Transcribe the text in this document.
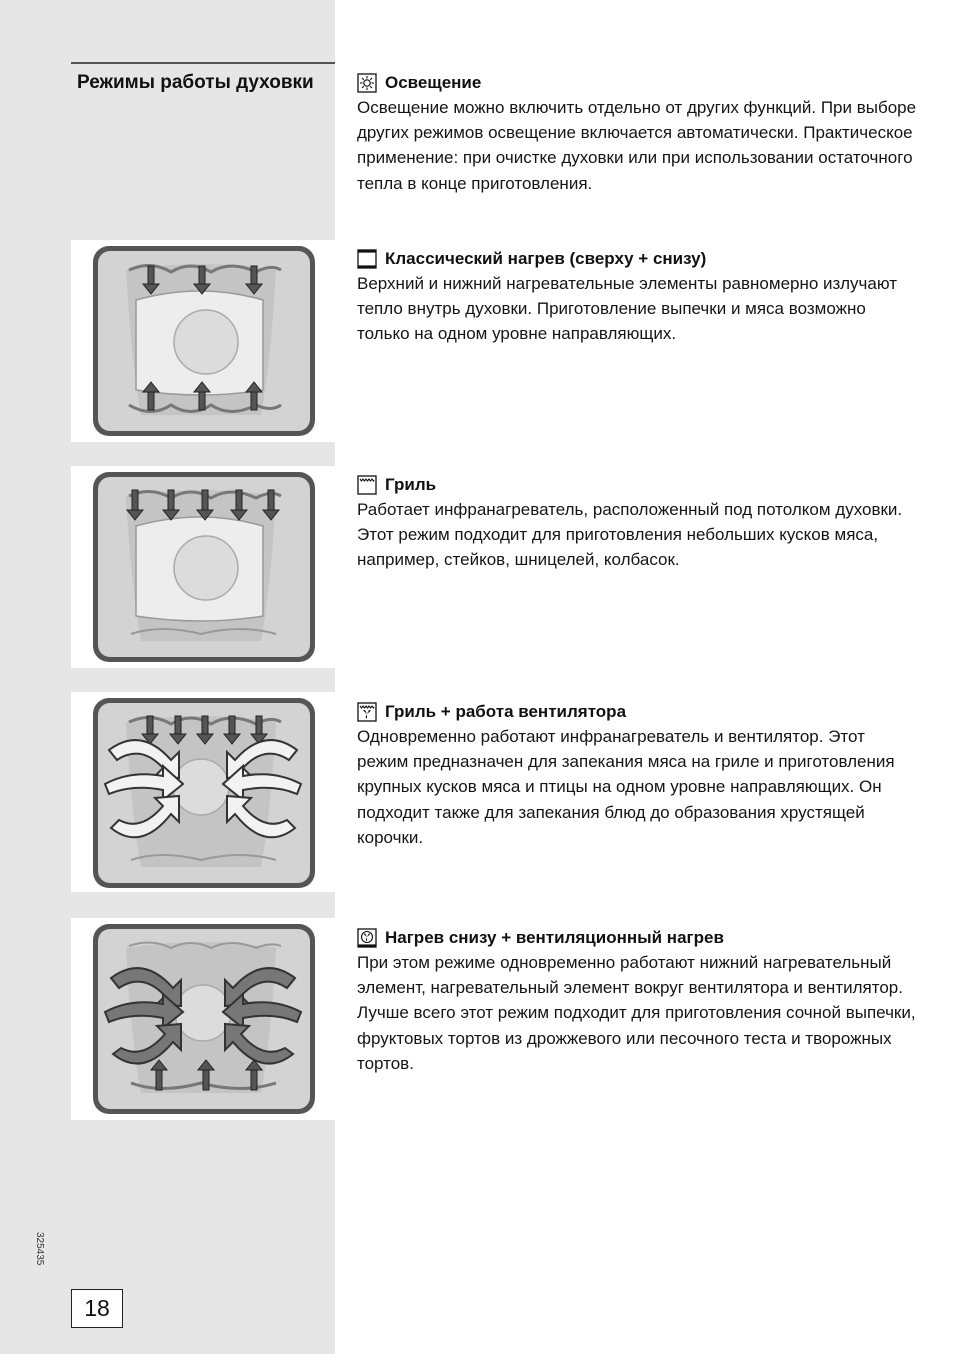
Режимы работы духовки	Освещение
Освещение можно включить отдельно от других функций. При выборе других режимов освещение включается автоматически. Практическое применение: при очистке духовки или при использовании остаточного тепла в конце приготовления.
Классический нагрев (сверху + снизу)
Верхний и нижний нагревательные элементы равномерно излучают тепло внутрь духовки. Приготовление выпечки и мяса возможно только на одном уровне направляющих.
Гриль
Работает инфранагреватель, расположенный под потолком духовки. Этот режим подходит для приготовления небольших кусков мяса, например, стейков, шницелей, колбасок.
Гриль + работа вентилятора
Одновременно работают инфранагреватель и вентилятор. Этот режим предназначен для запекания мяса на гриле и приготовления крупных кусков мяса и птицы на одном уровне направляющих. Он подходит также для запекания блюд до образования хрустящей корочки.
Нагрев снизу + вентиляционный нагрев
При этом режиме одновременно работают нижний нагревательный элемент, нагревательный элемент вокруг вентилятора и вентилятор. Лучше всего этот режим подходит для приготовления сочной выпечки, фруктовых тортов из дрожжевого или песочного теста и творожных тортов.
325435
18
